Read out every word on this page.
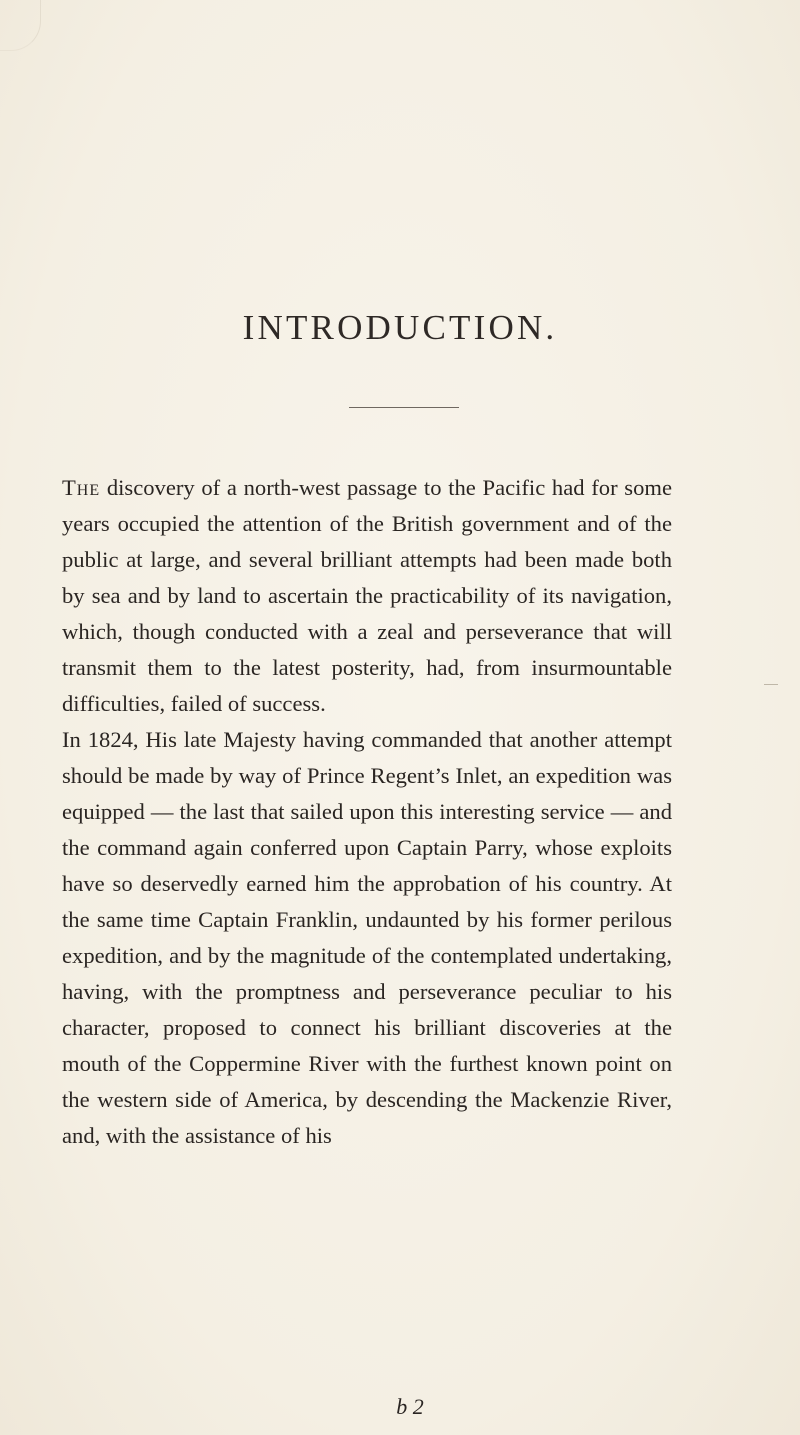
INTRODUCTION.

The discovery of a north-west passage to the Pacific had for some years occupied the attention of the British government and of the public at large, and several brilliant attempts had been made both by sea and by land to ascertain the practicability of its navigation, which, though conducted with a zeal and perseverance that will transmit them to the latest posterity, had, from insurmountable difficulties, failed of success.

In 1824, His late Majesty having commanded that another attempt should be made by way of Prince Regent’s Inlet, an expedition was equipped — the last that sailed upon this interesting service — and the command again conferred upon Captain Parry, whose exploits have so deservedly earned him the approbation of his country. At the same time Captain Franklin, undaunted by his former perilous expedition, and by the magnitude of the contemplated undertaking, having, with the promptness and perseverance peculiar to his character, proposed to connect his brilliant discoveries at the mouth of the Coppermine River with the furthest known point on the western side of America, by descending the Mackenzie River, and, with the assistance of his

b 2
